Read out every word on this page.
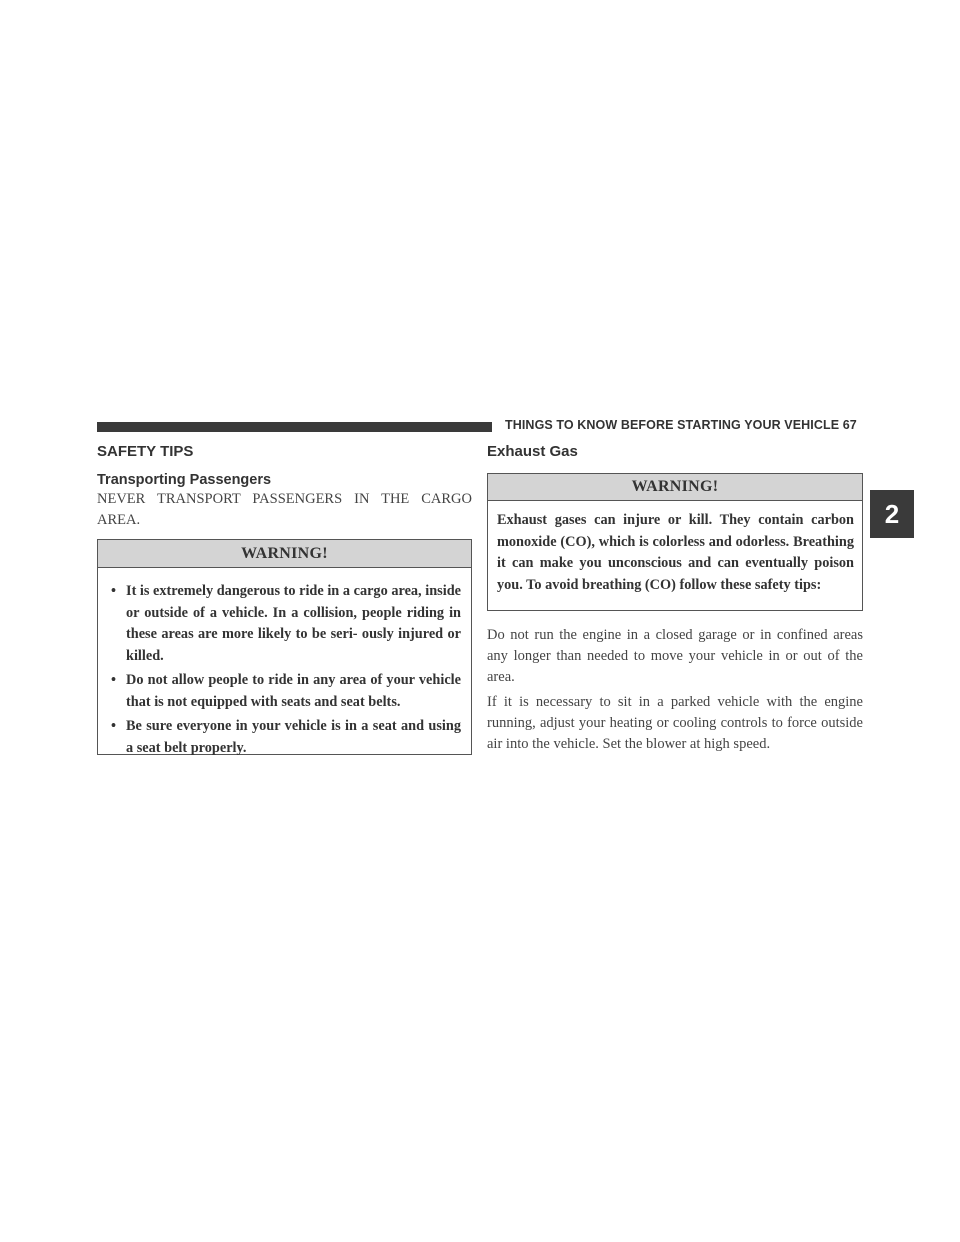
THINGS TO KNOW BEFORE STARTING YOUR VEHICLE 67
2
SAFETY TIPS
Transporting Passengers

NEVER TRANSPORT PASSENGERS IN THE CARGO AREA.

WARNING!
• It is extremely dangerous to ride in a cargo area, inside or outside of a vehicle. In a collision, people riding in these areas are more likely to be seri- ously injured or killed.
• Do not allow people to ride in any area of your vehicle that is not equipped with seats and seat belts.
• Be sure everyone in your vehicle is in a seat and using a seat belt properly.
Exhaust Gas
WARNING!
Exhaust gases can injure or kill. They contain carbon monoxide (CO), which is colorless and odorless. Breathing it can make you unconscious and can eventually poison you. To avoid breathing (CO) follow these safety tips:

Do not run the engine in a closed garage or in confined areas any longer than needed to move your vehicle in or out of the area.

If it is necessary to sit in a parked vehicle with the engine running, adjust your heating or cooling controls to force outside air into the vehicle. Set the blower at high speed.
